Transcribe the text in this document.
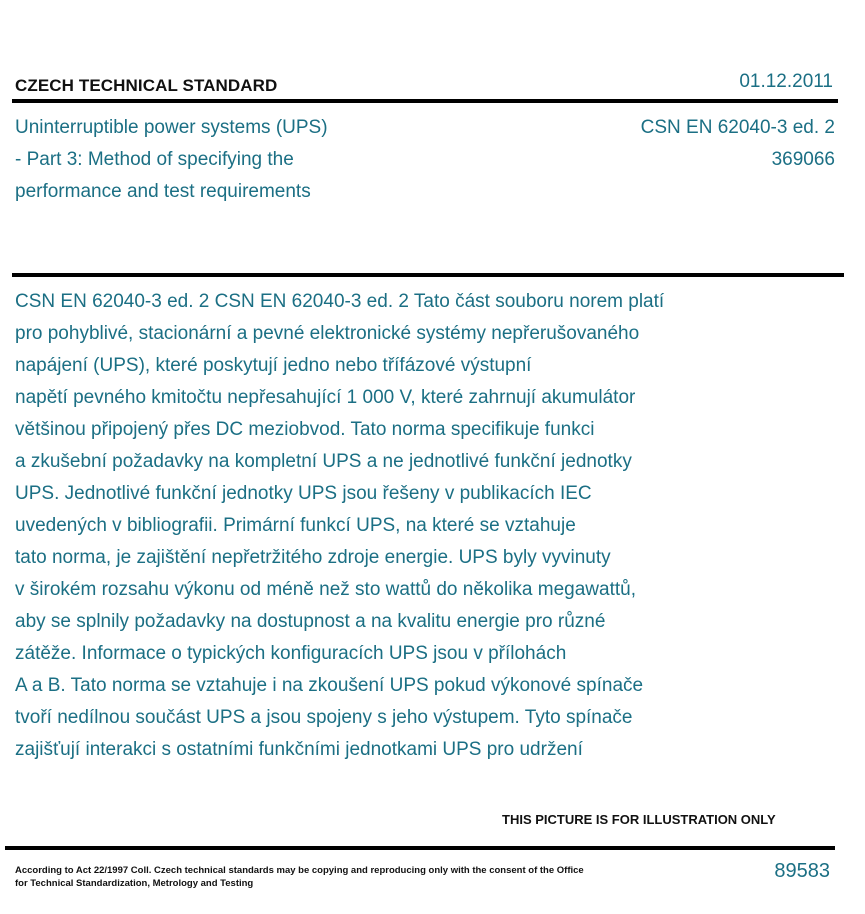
CZECH TECHNICAL STANDARD	01.12.2011
Uninterruptible power systems (UPS)
- Part 3: Method of specifying the
performance and test requirements
CSN EN 62040-3 ed. 2
369066
CSN EN 62040-3 ed. 2 CSN EN 62040-3 ed. 2 Tato část souboru norem platí
pro pohyblivé, stacionární a pevné elektronické systémy nepřerušovaného
napájení (UPS), které poskytují jedno nebo třífázové výstupní
napětí pevného kmitočtu nepřesahující 1 000 V, které zahrnují akumulátor
většinou připojený přes DC meziobvod. Tato norma specifikuje funkci
a zkušební požadavky na kompletní UPS a ne jednotlivé funkční jednotky
UPS. Jednotlivé funkční jednotky UPS jsou řešeny v publikacích IEC
uvedených v bibliografii. Primární funkcí UPS, na které se vztahuje
tato norma, je zajištění nepřetržitého zdroje energie. UPS byly vyvinuty
v širokém rozsahu výkonu od méně než sto wattů do několika megawattů,
aby se splnily požadavky na dostupnost a na kvalitu energie pro různé
zátěže. Informace o typických konfiguracích UPS jsou v přílohách
A a B. Tato norma se vztahuje i na zkoušení UPS pokud výkonové spínače
tvoří nedílnou součást UPS a jsou spojeny s jeho výstupem. Tyto spínače
zajišťují interakci s ostatními funkčními jednotkami UPS pro udržení
THIS PICTURE IS FOR ILLUSTRATION ONLY
According to Act 22/1997 Coll. Czech technical standards may be copying and reproducing only with the consent of the Office
for Technical Standardization, Metrology and Testing
89583
